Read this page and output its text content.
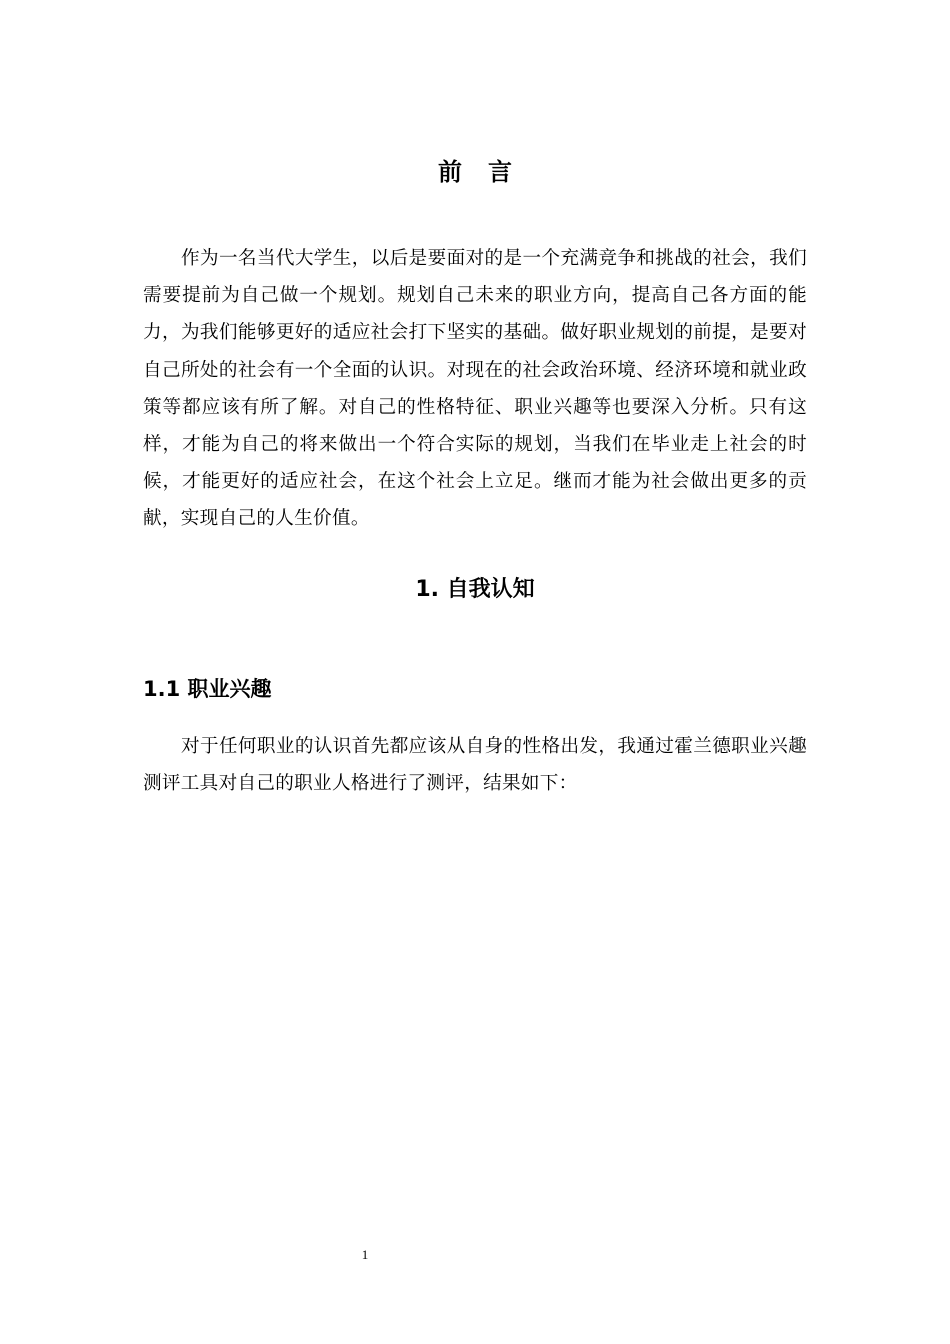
前言

作为一名当代大学生，以后是要面对的是一个充满竞争和挑战的社会，我们需要提前为自己做一个规划。规划自己未来的职业方向，提高自己各方面的能力，为我们能够更好的适应社会打下坚实的基础。做好职业规划的前提，是要对自己所处的社会有一个全面的认识。对现在的社会政治环境、经济环境和就业政策等都应该有所了解。对自己的性格特征、职业兴趣等也要深入分析。只有这样，才能为自己的将来做出一个符合实际的规划，当我们在毕业走上社会的时候，才能更好的适应社会，在这个社会上立足。继而才能为社会做出更多的贡献，实现自己的人生价值。

1. 自我认知
1.1 职业兴趣

对于任何职业的认识首先都应该从自身的性格出发，我通过霍兰德职业兴趣测评工具对自己的职业人格进行了测评，结果如下：

1
